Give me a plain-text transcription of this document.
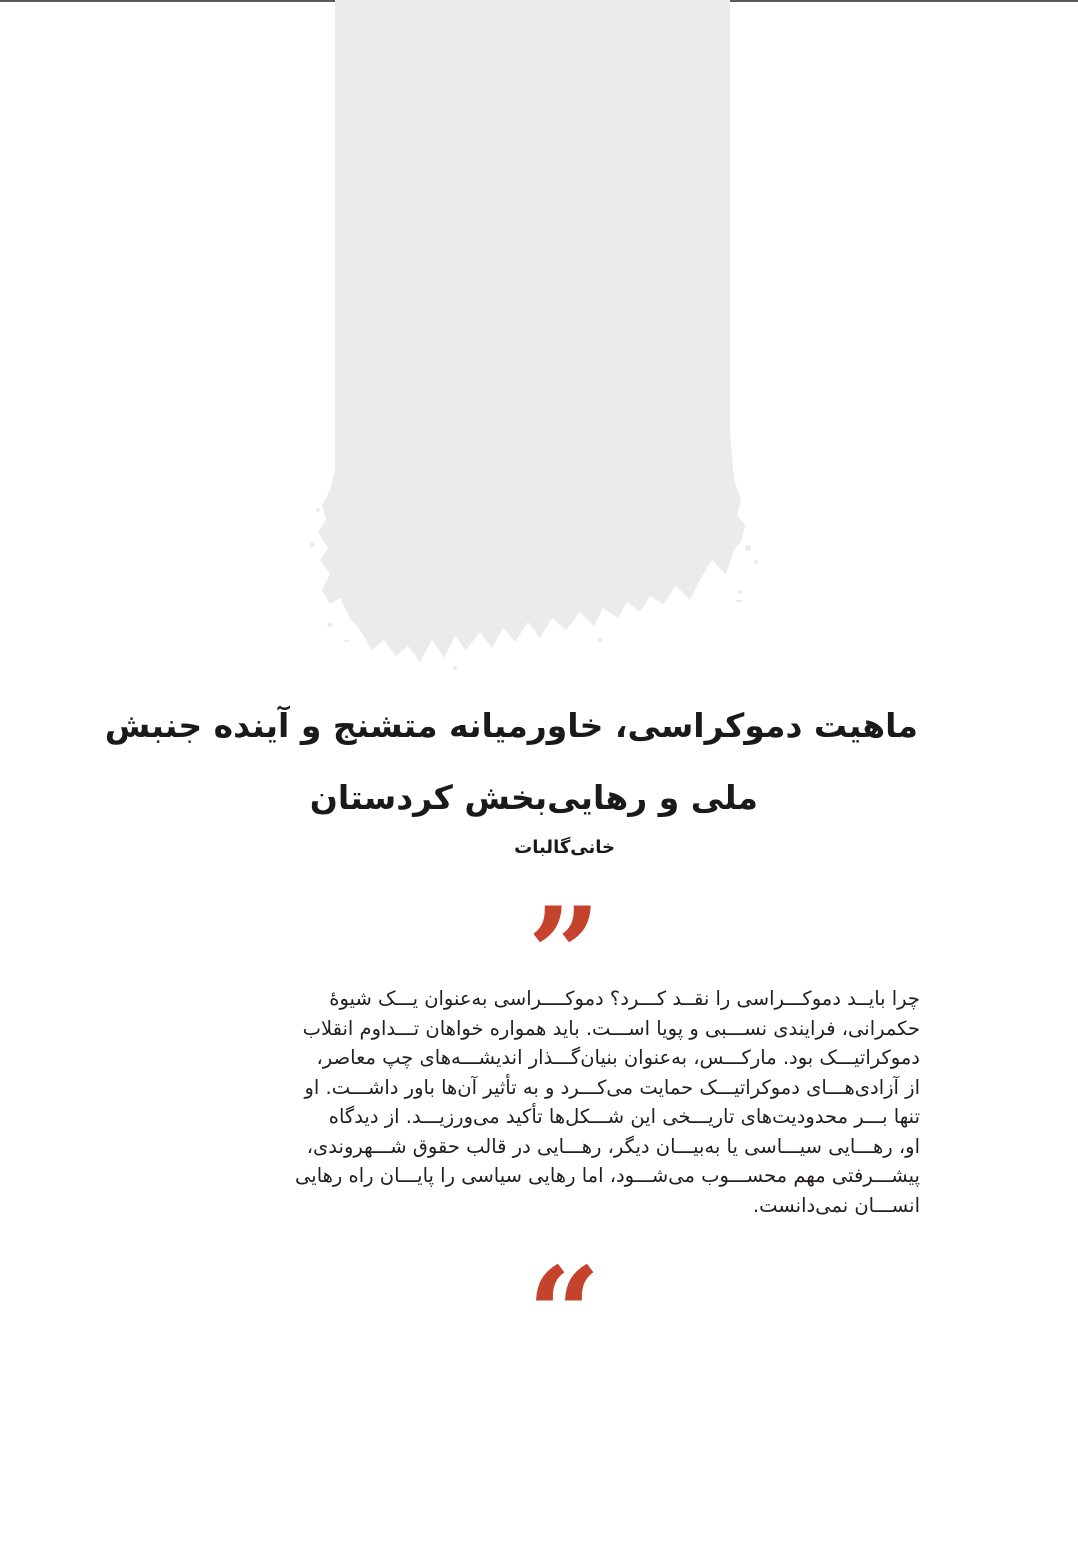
ماهیت دموکراسی، خاورمیانه متشنج و آینده جنبش
ملی و رهایی‌بخش کردستان
خانی‌گالبات
”
چرا بایــد دموکـــراسی را نقــد کـــرد؟ دموکــــراسی به‌عنوان یـــک شیوۀ
حکمرانی، فرایندی نســـبی و پویا اســـت. باید همواره خواهان تـــداوم انقلاب
دموکراتیـــک بود. مارکـــس، به‌عنوان بنیان‌گـــذار اندیشـــه‌های چپ معاصر،
از آزادی‌هـــای دموکراتیـــک حمایت می‌کـــرد و به تأثیر آن‌ها باور داشـــت. او
تنها بـــر محدودیت‌های تاریـــخی این شـــکل‌ها تأکید می‌ورزیـــد. از دیدگاه
او، رهـــایی سیـــاسی یا به‌بیـــان دیگر، رهـــایی در قالب حقوق شـــهروندی،
پیشـــرفتی مهم محســـوب می‌شـــود، اما رهایی سیاسی را پایـــان راه رهایی
انســـان نمی‌دانست.
“
